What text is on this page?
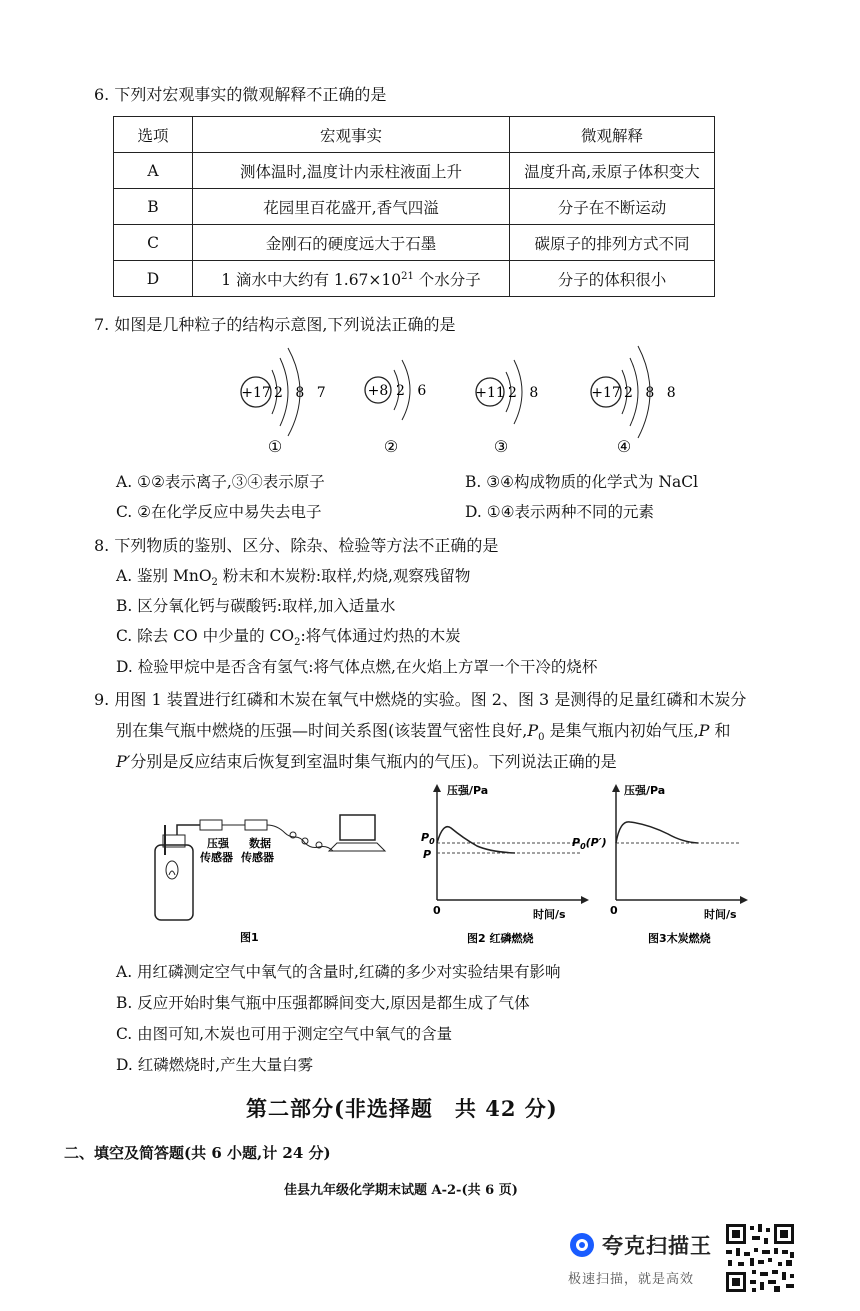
6. 下列对宏观事实的微观解释不正确的是
选项	宏观事实	微观解释
A	测体温时,温度计内汞柱液面上升	温度升高,汞原子体积变大
B	花园里百花盛开,香气四溢	分子在不断运动
C	金刚石的硬度远大于石墨	碳原子的排列方式不同
D	1 滴水中大约有 $1.67\times 10^{21}$ 个水分子	分子的体积很小
7. 如图是几种粒子的结构示意图,下列说法正确的是
+17 2 8 7
①
+8 2 6
②
+11 2 8
③
+17 2 8 8
④
A. ①②表示离子,③④表示原子	B. ③④构成物质的化学式为 NaCl
C. ②在化学反应中易失去电子	D. ①④表示两种不同的元素
8. 下列物质的鉴别、区分、除杂、检验等方法不正确的是
A. 鉴别 MnO$_2$ 粉末和木炭粉:取样,灼烧,观察残留物
B. 区分氧化钙与碳酸钙:取样,加入适量水
C. 除去 CO 中少量的 $CO_2$:将气体通过灼热的木炭
D. 检验甲烷中是否含有氢气:将气体点燃,在火焰上方罩一个干冷的烧杯
9. 用图 1 装置进行红磷和木炭在氧气中燃烧的实验。图 2、图 3 是测得的足量红磷和木炭分
别在集气瓶中燃烧的压强—时间关系图(该装置气密性良好$,P_0$ 是集气瓶内初始气压,P 和
P′分别是反应结束后恢复到室温时集气瓶内的气压)。下列说法正确的是
压强
传感器
数据
传感器
图1
压强/Pa
时间/s
0
$P_0$
P
图2 红磷燃烧
压强/Pa
时间/s
0
$P_0(P')$
图3木炭燃烧
A. 用红磷测定空气中氧气的含量时,红磷的多少对实验结果有影响
B. 反应开始时集气瓶中压强都瞬间变大,原因是都生成了气体
C. 由图可知,木炭也可用于测定空气中氧气的含量
D. 红磷燃烧时,产生大量白雾
第二部分(非选择题　共 42 分)
二、填空及简答题(共 6 小题,计 24 分)
佳县九年级化学期末试题 A-2-(共 6 页)
夸克扫描王
极速扫描，就是高效
